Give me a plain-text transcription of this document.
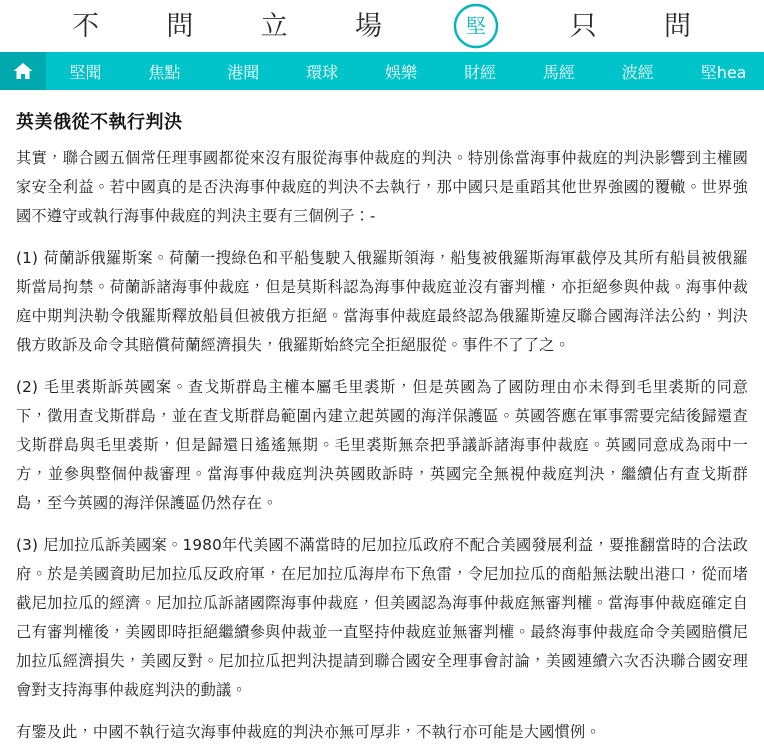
不 問 立 場	堅	只 問
堅聞	焦點	港聞	環球	娛樂	財經	馬經	波經	堅hea
英美俄從不執行判決

其實，聯合國五個常任理事國都從來沒有服從海事仲裁庭的判決。特別係當海事仲裁庭的判決影響到主權國家安全利益。若中國真的是否決海事仲裁庭的判決不去執行，那中國只是重蹈其他世界強國的覆轍。世界強國不遵守或執行海事仲裁庭的判決主要有三個例子：-

(1) 荷蘭訴俄羅斯案。荷蘭一搜綠色和平船隻駛入俄羅斯領海，船隻被俄羅斯海軍截停及其所有船員被俄羅斯當局拘禁。荷蘭訴諸海事仲裁庭，但是莫斯科認為海事仲裁庭並沒有審判權，亦拒絕參與仲裁。海事仲裁庭中期判決勒令俄羅斯釋放船員但被俄方拒絕。當海事仲裁庭最終認為俄羅斯違反聯合國海洋法公約，判決俄方敗訴及命令其賠償荷蘭經濟損失，俄羅斯始終完全拒絕服從。事件不了了之。

(2) 毛里裘斯訴英國案。查戈斯群島主權本屬毛里裘斯，但是英國為了國防理由亦未得到毛里裘斯的同意下，徵用查戈斯群島，並在查戈斯群島範圍內建立起英國的海洋保護區。英國答應在軍事需要完結後歸還查戈斯群島與毛里裘斯，但是歸還日遙遙無期。毛里裘斯無奈把爭議訴諸海事仲裁庭。英國同意成為雨中一方，並參與整個仲裁審理。當海事仲裁庭判決英國敗訴時，英國完全無視仲裁庭判決，繼續佔有查戈斯群島，至今英國的海洋保護區仍然存在。

(3) 尼加拉瓜訴美國案。1980年代美國不滿當時的尼加拉瓜政府不配合美國發展利益，要推翻當時的合法政府。於是美國資助尼加拉瓜反政府軍，在尼加拉瓜海岸布下魚雷，令尼加拉瓜的商船無法駛出港口，從而堵截尼加拉瓜的經濟。尼加拉瓜訴諸國際海事仲裁庭，但美國認為海事仲裁庭無審判權。當海事仲裁庭確定自己有審判權後，美國即時拒絕繼續參與仲裁並一直堅持仲裁庭並無審判權。最終海事仲裁庭命令美國賠償尼加拉瓜經濟損失，美國反對。尼加拉瓜把判決提請到聯合國安全理事會討論，美國連續六次否決聯合國安理會對支持海事仲裁庭判決的動議。

有鑒及此，中國不執行這次海事仲裁庭的判決亦無可厚非，不執行亦可能是大國慣例。
